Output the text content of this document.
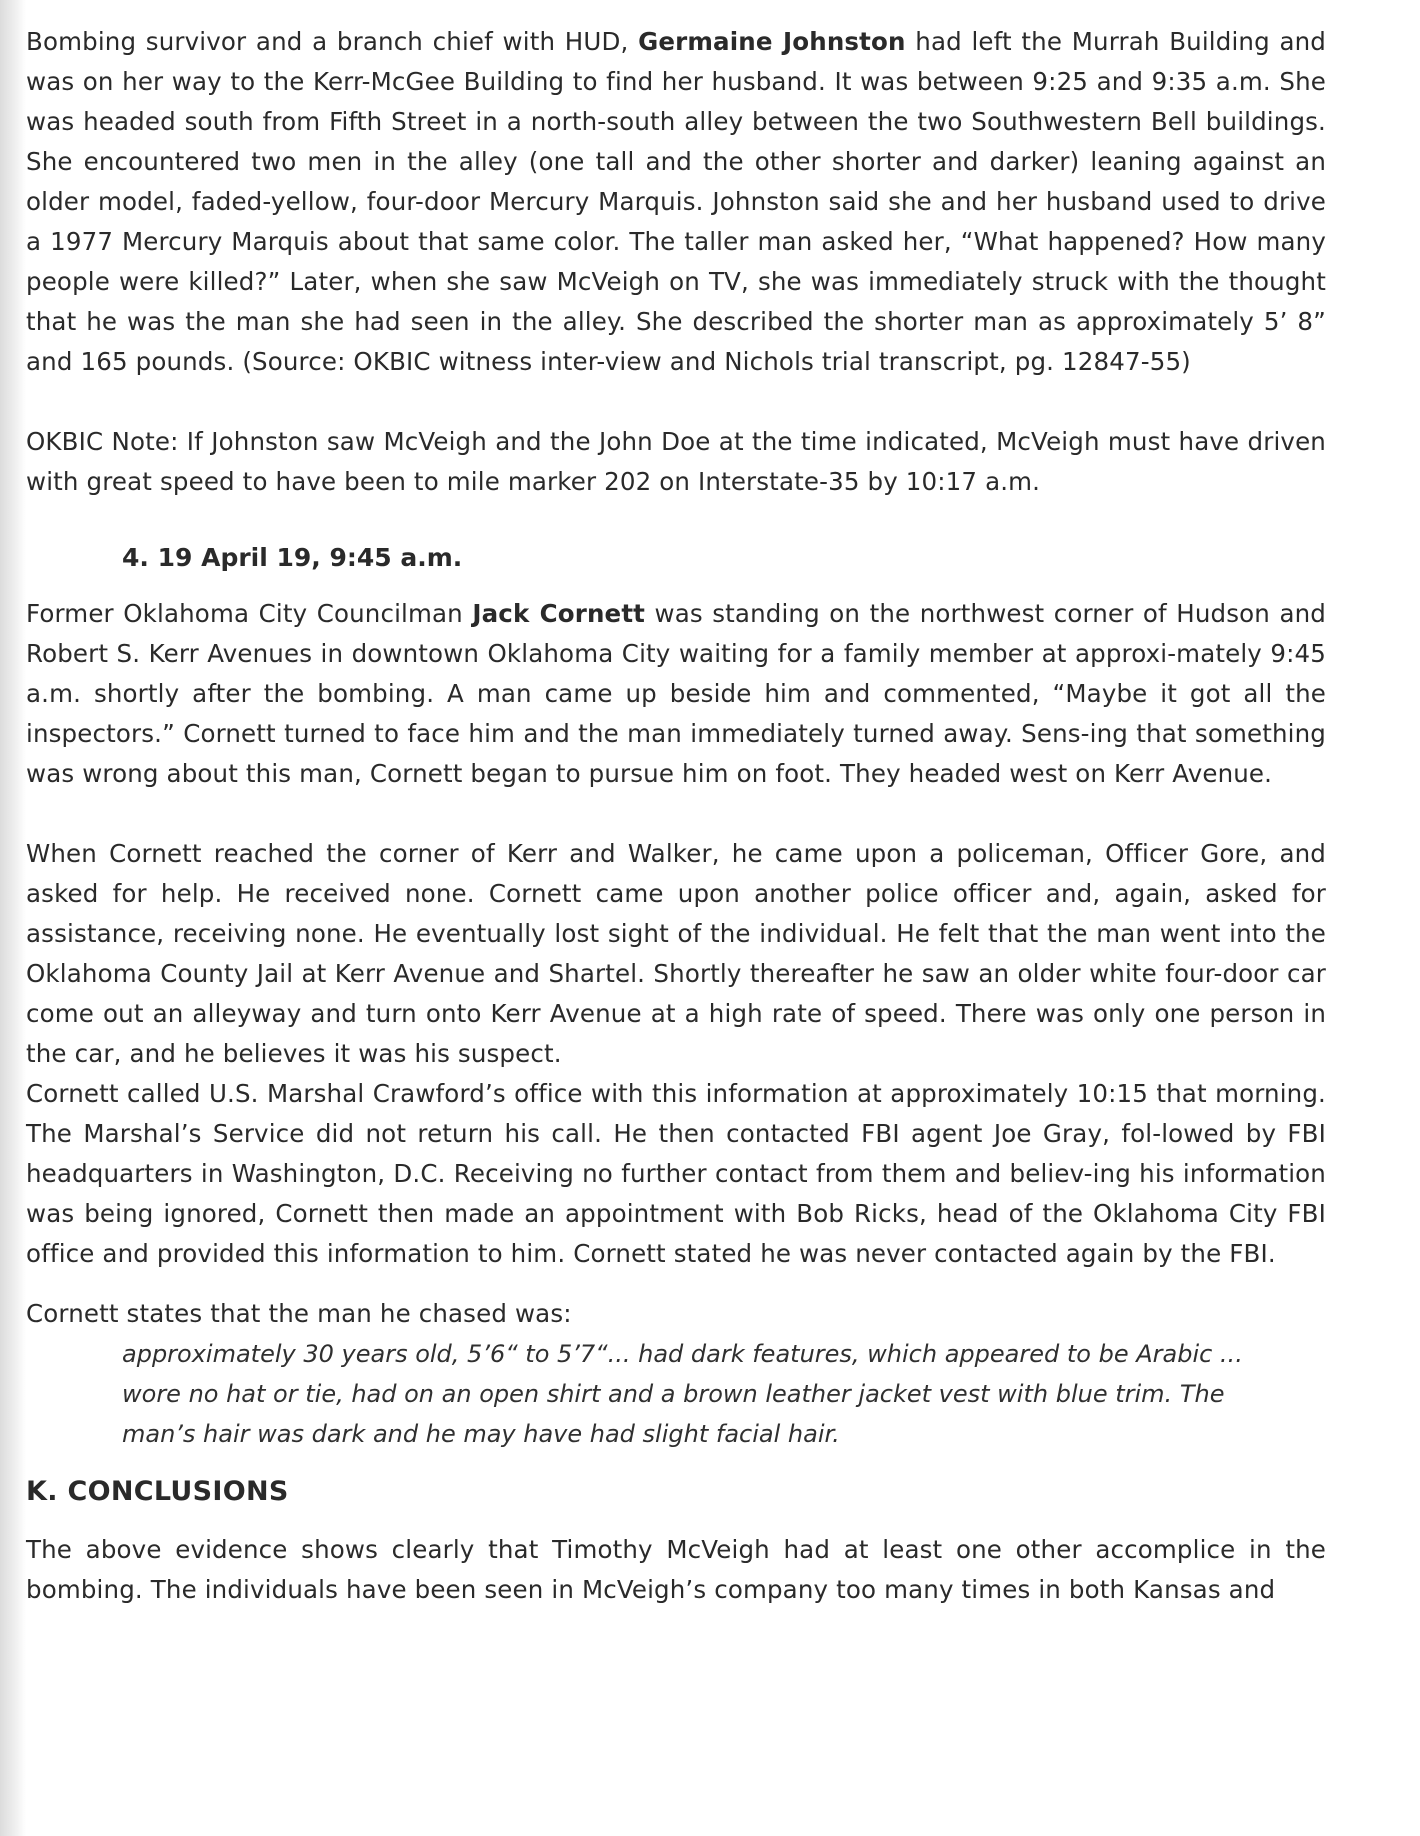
Bombing survivor and a branch chief with HUD, Germaine Johnston had left the Murrah Building and was on her way to the Kerr-McGee Building to find her husband. It was between 9:25 and 9:35 a.m. She was headed south from Fifth Street in a north-south alley between the two Southwestern Bell buildings. She encountered two men in the alley (one tall and the other shorter and darker) leaning against an older model, faded-yellow, four-door Mercury Marquis. Johnston said she and her husband used to drive a 1977 Mercury Marquis about that same color. The taller man asked her, “What happened? How many people were killed?” Later, when she saw McVeigh on TV, she was immediately struck with the thought that he was the man she had seen in the alley. She described the shorter man as approximately 5’ 8” and 165 pounds. (Source: OKBIC witness inter-view and Nichols trial transcript, pg. 12847-55)

OKBIC Note: If Johnston saw McVeigh and the John Doe at the time indicated, McVeigh must have driven with great speed to have been to mile marker 202 on Interstate-35 by 10:17 a.m.

4. 19 April 19, 9:45 a.m.

Former Oklahoma City Councilman Jack Cornett was standing on the northwest corner of Hudson and Robert S. Kerr Avenues in downtown Oklahoma City waiting for a family member at approxi-mately 9:45 a.m. shortly after the bombing. A man came up beside him and commented, “Maybe it got all the inspectors.” Cornett turned to face him and the man immediately turned away. Sens-ing that something was wrong about this man, Cornett began to pursue him on foot. They headed west on Kerr Avenue.

When Cornett reached the corner of Kerr and Walker, he came upon a policeman, Officer Gore, and asked for help. He received none. Cornett came upon another police officer and, again, asked for assistance, receiving none. He eventually lost sight of the individual. He felt that the man went into the Oklahoma County Jail at Kerr Avenue and Shartel. Shortly thereafter he saw an older white four-door car come out an alleyway and turn onto Kerr Avenue at a high rate of speed. There was only one person in the car, and he believes it was his suspect.

Cornett called U.S. Marshal Crawford’s office with this information at approximately 10:15 that morning. The Marshal’s Service did not return his call. He then contacted FBI agent Joe Gray, fol-lowed by FBI headquarters in Washington, D.C. Receiving no further contact from them and believ-ing his information was being ignored, Cornett then made an appointment with Bob Ricks, head of the Oklahoma City FBI office and provided this information to him. Cornett stated he was never contacted again by the FBI.

Cornett states that the man he chased was:

approximately 30 years old, 5’6“ to 5’7“... had dark features, which appeared to be Arabic ... wore no hat or tie, had on an open shirt and a brown leather jacket vest with blue trim. The man’s hair was dark and he may have had slight facial hair.

K. CONCLUSIONS

The above evidence shows clearly that Timothy McVeigh had at least one other accomplice in the bombing. The individuals have been seen in McVeigh’s company too many times in both Kansas and
